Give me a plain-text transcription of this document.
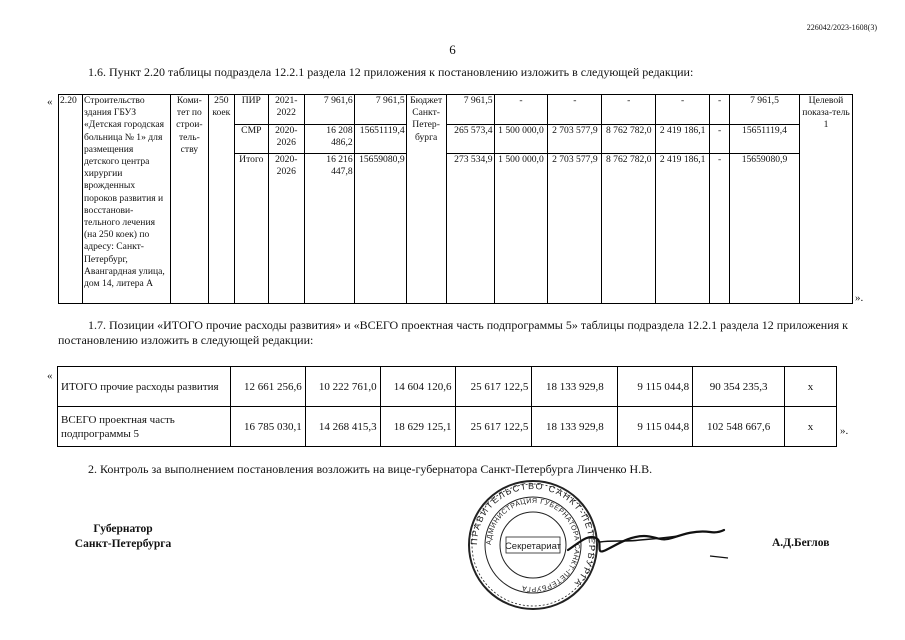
226042/2023-1608(3)
6
1.6. Пункт 2.20 таблицы подраздела 12.2.1 раздела 12 приложения к постановлению изложить в следующей редакции:
«
».
2.20	Строительство здания ГБУЗ «Детская городская больница № 1» для размещения детского центра хирургии врожденных пороков развития и восстанови-тельного лечения (на 250 коек) по адресу: Санкт-Петербург, Авангардная улица, дом 14, литера А	Коми-тет по строи-тель-ству	250 коек	ПИР	2021-2022	7 961,6	7 961,5	Бюджет Санкт-Петер-бурга	7 961,5	-	-	-	-	-	7 961,5	Целевой показа-тель 1
				СМР	2020-2026	16 208 486,2	15651119,4		265 573,4	1 500 000,0	2 703 577,9	8 762 782,0	2 419 186,1	-	15651119,4	
				Итого	2020-2026	16 216 447,8	15659080,9		273 534,9	1 500 000,0	2 703 577,9	8 762 782,0	2 419 186,1	-	15659080,9	
1.7. Позиции «ИТОГО прочие расходы развития» и «ВСЕГО проектная часть подпрограммы 5» таблицы подраздела 12.2.1 раздела 12 приложения к постановлению изложить в следующей редакции:
«
».
ИТОГО прочие расходы развития	12 661 256,6	10 222 761,0	14 604 120,6	25 617 122,5	18 133 929,8	9 115 044,8	90 354 235,3	х
ВСЕГО проектная часть подпрограммы 5	16 785 030,1	14 268 415,3	18 629 125,1	25 617 122,5	18 133 929,8	9 115 044,8	102 548 667,6	х
2. Контроль за выполнением постановления возложить на вице-губернатора Санкт-Петербурга Линченко Н.В.
Губернатор
Санкт-Петербурга	ПРАВИТЕЛЬСТВО САНКТ-ПЕТЕРБУРГА
АДМИНИСТРАЦИЯ ГУБЕРНАТОРА САНКТ-ПЕТЕРБУРГА
Секретариат	А.Д.Беглов
